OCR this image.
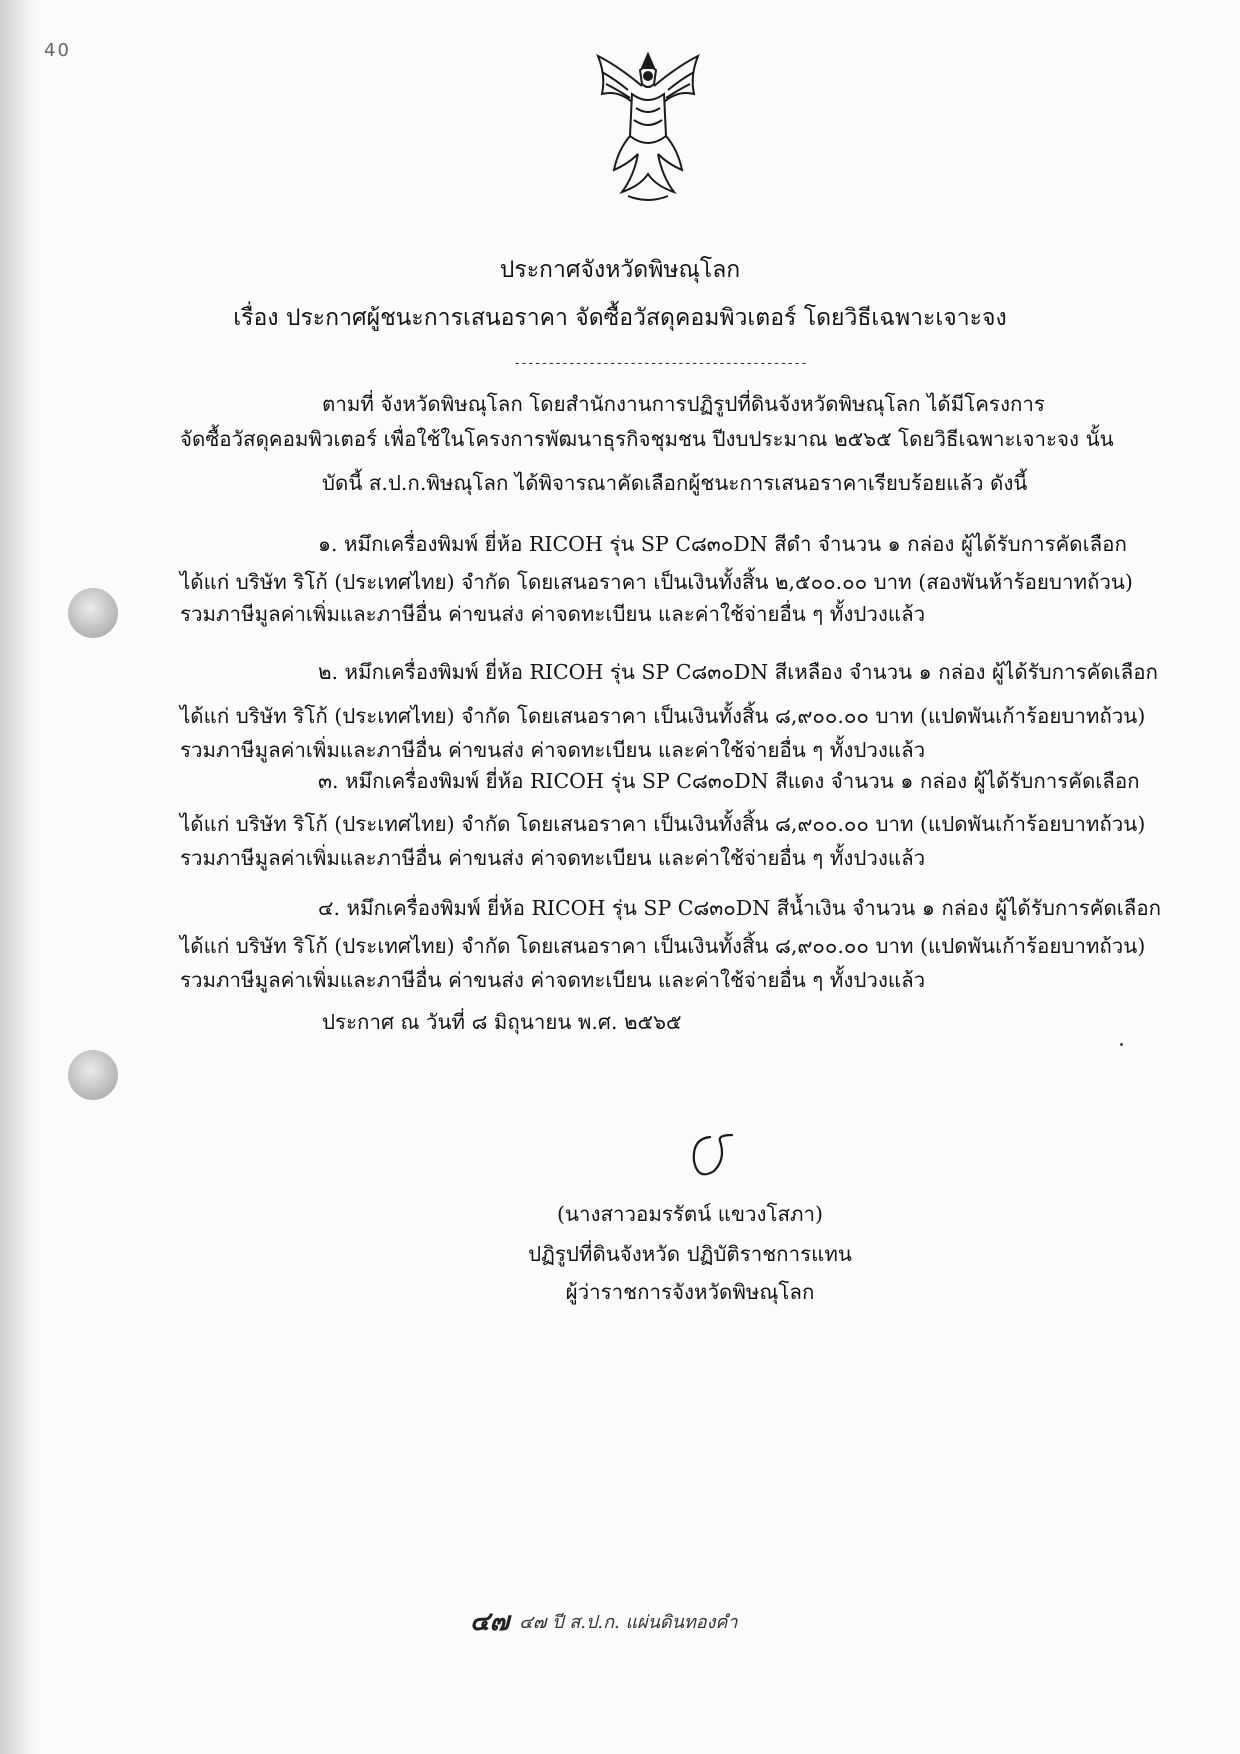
40
ประกาศจังหวัดพิษณุโลก
เรื่อง ประกาศผู้ชนะการเสนอราคา จัดซื้อวัสดุคอมพิวเตอร์ โดยวิธีเฉพาะเจาะจง
-------------------------------------------
ตามที่ จังหวัดพิษณุโลก โดยสำนักงานการปฏิรูปที่ดินจังหวัดพิษณุโลก ได้มีโครงการ
จัดซื้อวัสดุคอมพิวเตอร์ เพื่อใช้ในโครงการพัฒนาธุรกิจชุมชน ปีงบประมาณ ๒๕๖๕ โดยวิธีเฉพาะเจาะจง นั้น
บัดนี้ ส.ป.ก.พิษณุโลก ได้พิจารณาคัดเลือกผู้ชนะการเสนอราคาเรียบร้อยแล้ว ดังนี้
๑. หมึกเครื่องพิมพ์ ยี่ห้อ RICOH รุ่น SP C๘๓๐DN สีดำ จำนวน ๑ กล่อง ผู้ได้รับการคัดเลือก
ได้แก่ บริษัท ริโก้ (ประเทศไทย) จำกัด โดยเสนอราคา เป็นเงินทั้งสิ้น ๒,๕๐๐.๐๐ บาท (สองพันห้าร้อยบาทถ้วน)
รวมภาษีมูลค่าเพิ่มและภาษีอื่น ค่าขนส่ง ค่าจดทะเบียน และค่าใช้จ่ายอื่น ๆ ทั้งปวงแล้ว
๒. หมึกเครื่องพิมพ์ ยี่ห้อ RICOH รุ่น SP C๘๓๐DN สีเหลือง จำนวน ๑ กล่อง ผู้ได้รับการคัดเลือก
ได้แก่ บริษัท ริโก้ (ประเทศไทย) จำกัด โดยเสนอราคา เป็นเงินทั้งสิ้น ๘,๙๐๐.๐๐ บาท (แปดพันเก้าร้อยบาทถ้วน)
รวมภาษีมูลค่าเพิ่มและภาษีอื่น ค่าขนส่ง ค่าจดทะเบียน และค่าใช้จ่ายอื่น ๆ ทั้งปวงแล้ว
๓. หมึกเครื่องพิมพ์ ยี่ห้อ RICOH รุ่น SP C๘๓๐DN สีแดง จำนวน ๑ กล่อง ผู้ได้รับการคัดเลือก
ได้แก่ บริษัท ริโก้ (ประเทศไทย) จำกัด โดยเสนอราคา เป็นเงินทั้งสิ้น ๘,๙๐๐.๐๐ บาท (แปดพันเก้าร้อยบาทถ้วน)
รวมภาษีมูลค่าเพิ่มและภาษีอื่น ค่าขนส่ง ค่าจดทะเบียน และค่าใช้จ่ายอื่น ๆ ทั้งปวงแล้ว
๔. หมึกเครื่องพิมพ์ ยี่ห้อ RICOH รุ่น SP C๘๓๐DN สีน้ำเงิน จำนวน ๑ กล่อง ผู้ได้รับการคัดเลือก
ได้แก่ บริษัท ริโก้ (ประเทศไทย) จำกัด โดยเสนอราคา เป็นเงินทั้งสิ้น ๘,๙๐๐.๐๐ บาท (แปดพันเก้าร้อยบาทถ้วน)
รวมภาษีมูลค่าเพิ่มและภาษีอื่น ค่าขนส่ง ค่าจดทะเบียน และค่าใช้จ่ายอื่น ๆ ทั้งปวงแล้ว
ประกาศ ณ วันที่ ๘ มิถุนายน พ.ศ. ๒๕๖๕
(นางสาวอมรรัตน์ แขวงโสภา)
ปฏิรูปที่ดินจังหวัด ปฏิบัติราชการแทน
ผู้ว่าราชการจังหวัดพิษณุโลก
๔๗ ๔๗ ปี ส.ป.ก. แผ่นดินทองคำ
